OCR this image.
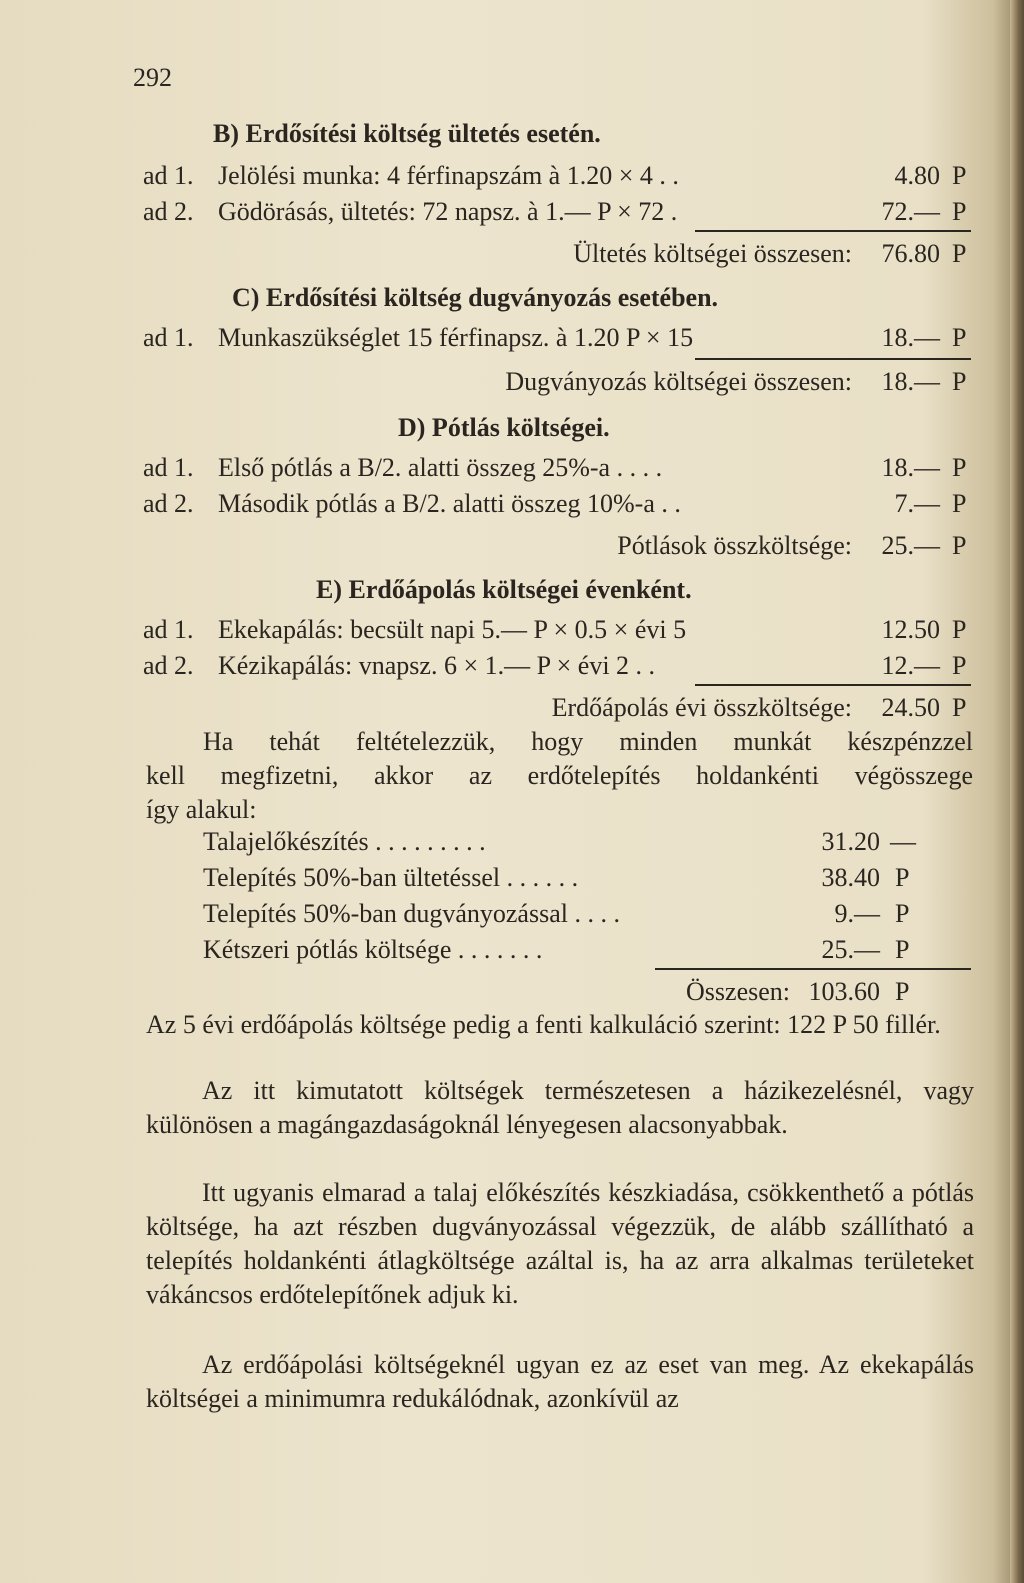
292
B) Erdősítési költség ültetés esetén.
ad 1. Jelölési munka: 4 férfinapszám à 1.20 × 4 . .	4.80 P
ad 2. Gödörásás, ültetés: 72 napsz. à 1.— P × 72 .	72.— P
Ültetés költségei összesen:	76.80 P
C) Erdősítési költség dugványozás esetében.
ad 1. Munkaszükséglet 15 férfinapsz. à 1.20 P × 15	18.— P
Dugványozás költségei összesen:	18.— P
D) Pótlás költségei.
ad 1. Első pótlás a B/2. alatti összeg 25%-a . . . .	18.— P
ad 2. Második pótlás a B/2. alatti összeg 10%-a . .	7.— P
Pótlások összköltsége:	25.— P
E) Erdőápolás költségei évenként.
ad 1. Ekekapálás: becsült napi 5.— P × 0.5 × évi 5	12.50 P
ad 2. Kézikapálás: vnapsz. 6 × 1.— P × évi 2 . .	12.— P
Erdőápolás évi összköltsége:	24.50 P
Ha tehát feltételezzük, hogy minden munkát készpénzzel
kell megfizetni, akkor az erdőtelepítés holdankénti végösszege
így alakul:
Talajelőkészítés . . . . . . . . .	31.20 —
Telepítés 50%-ban ültetéssel . . . . . .	38.40 P
Telepítés 50%-ban dugványozással . . . .	9.— P
Kétszeri pótlás költsége . . . . . . .	25.— P
Összesen: 103.60 P
Az 5 évi erdőápolás költsége pedig a fenti kalkuláció szerint: 122 P 50 fillér.
Az itt kimutatott költségek természetesen a házikezelésnél, vagy különösen a magángazdaságoknál lényegesen alacsonyabbak.
Itt ugyanis elmarad a talaj előkészítés készkiadása, csökkenthető a pótlás költsége, ha azt részben dugványozással végezzük, de alább szállítható a telepítés holdankénti átlagköltsége azáltal is, ha az arra alkalmas területeket vákáncsos erdőtelepítőnek adjuk ki.
Az erdőápolási költségeknél ugyan ez az eset van meg. Az ekekapálás költségei a minimumra redukálódnak, azonkívül az
